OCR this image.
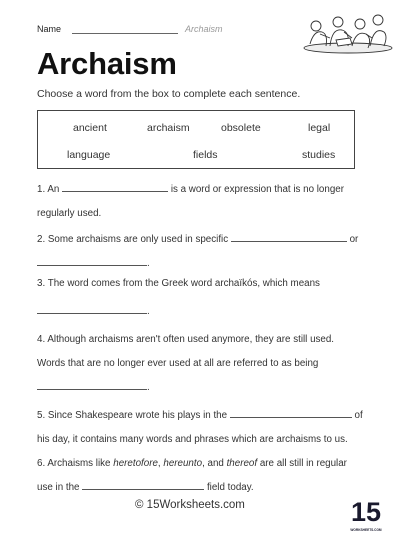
Name	Archaism
Archaism
Choose a word from the box to complete each sentence.
ancient	archaism	obsolete	legal
language	fields	studies

1. An	is a word or expression that is no longer

regularly used.

2. Some archaisms are only used in specific	or

.

3. The word comes from the Greek word archaïkós, which means

.

4. Although archaisms aren't often used anymore, they are still used.

Words that are no longer ever used at all are referred to as being

.

5. Since Shakespeare wrote his plays in the	of

his day, it contains many words and phrases which are archaisms to us.

6. Archaisms like heretofore, hereunto, and thereof are all still in regular

use in the	field today.

© 15Worksheets.com	15
WORKSHEETS.COM
